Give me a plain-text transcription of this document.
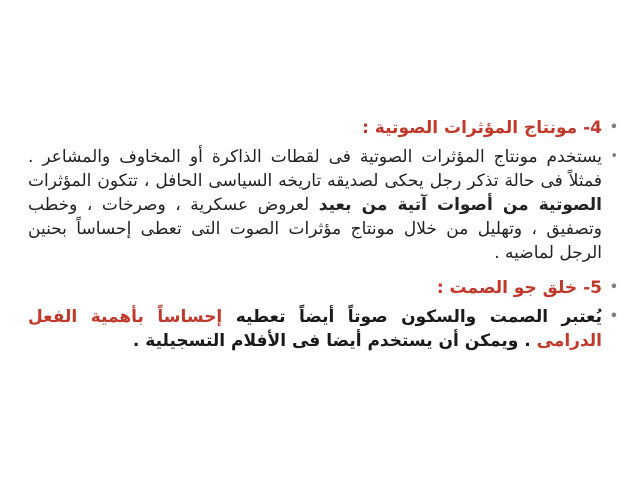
•
4- مونتاج المؤثرات الصوتية :

•
يستخدم مونتاج المؤثرات الصوتية فى لقطات الذاكرة أو المخاوف والمشاعر . فمثلاً فى حالة تذكر رجل يحكى لصديقه تاريخه السياسى الحافل ، تتكون المؤثرات الصوتية من أصوات آتية من بعيد لعروض عسكرية ، وصرخات ، وخطب وتصفيق ، وتهليل من خلال مونتاج مؤثرات الصوت التى تعطى إحساساً بحنين الرجل لماضيه .

•
5- خلق جو الصمت :

•
يُعتبر الصمت والسكون صوتاً أيضاً تعطيه إحساساً بأهمية الفعل الدرامى . ويمكن أن يستخدم أيضا فى الأفلام التسجيلية .
